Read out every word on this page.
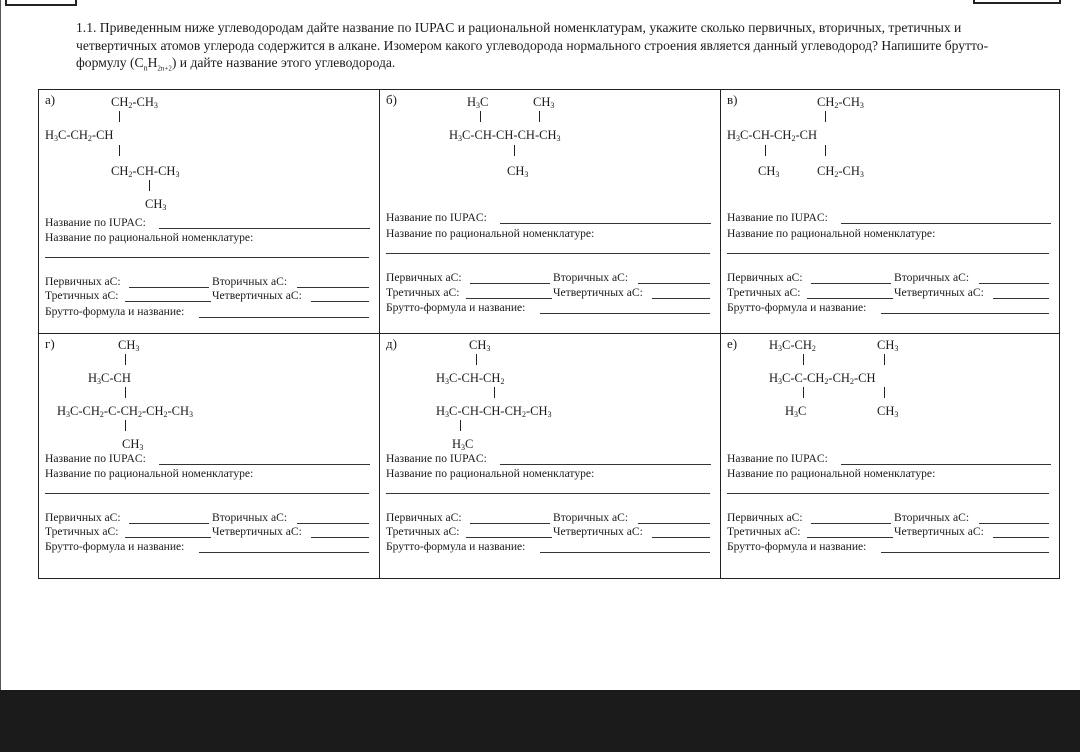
1.1. Приведенным ниже углеводородам дайте название по IUPAC и рациональной номенклатурам, укажите сколько первичных, вторичных, третичных и четвертичных атомов углерода содержится в алкане. Изомером какого углеводорода нормального строения является данный углеводород? Напишите брутто-формулу $(C_nH_{2n+2})$ и дайте название этого углеводорода.

а)	$CH_2-CH_3$
$H_3C-CH_2-CH$
$CH_2-CH-CH_3$
$CH_3$
Название по IUPAC:
Название по рациональной номенклатуре:
Первичных аС:	Вторичных аС:
Третичных аС:	Четвертичных аС:
Брутто-формула и название:
б)	$H_3C$	$CH_3$
$H_3C-CH-CH-CH-CH_3$
$CH_3$
Название по IUPAC:
Название по рациональной номенклатуре:
Первичных аС:	Вторичных аС:
Третичных аС:	Четвертичных аС:
Брутто-формула и название:
в)	$CH_2-CH_3$
$H_3C-CH-CH_2-CH$
$CH_3$	$CH_2-CH_3$
Название по IUPAC:
Название по рациональной номенклатуре:
Первичных аС:	Вторичных аС:
Третичных аС:	Четвертичных аС:
Брутто-формула и название:
г)	$CH_3$
$H_3C-CH$
$H_3C-CH_2-C-CH_2-CH_2-CH_3$
$CH_3$
Название по IUPAC:
Название по рациональной номенклатуре:
Первичных аС:	Вторичных аС:
Третичных аС:	Четвертичных аС:
Брутто-формула и название:
д)	$CH_3$
$H_3C-CH-CH_2$
$H_3C-CH-CH-CH_2-CH_3$
$H_3C$
Название по IUPAC:
Название по рациональной номенклатуре:
Первичных аС:	Вторичных аС:
Третичных аС:	Четвертичных аС:
Брутто-формула и название:
е)	$H_3C-CH_2$	$CH_3$
$H_3C-C-CH_2-CH_2-CH$
$H_3C$	$CH_3$
Название по IUPAC:
Название по рациональной номенклатуре:
Первичных аС:	Вторичных аС:
Третичных аС:	Четвертичных аС:
Брутто-формула и название:
